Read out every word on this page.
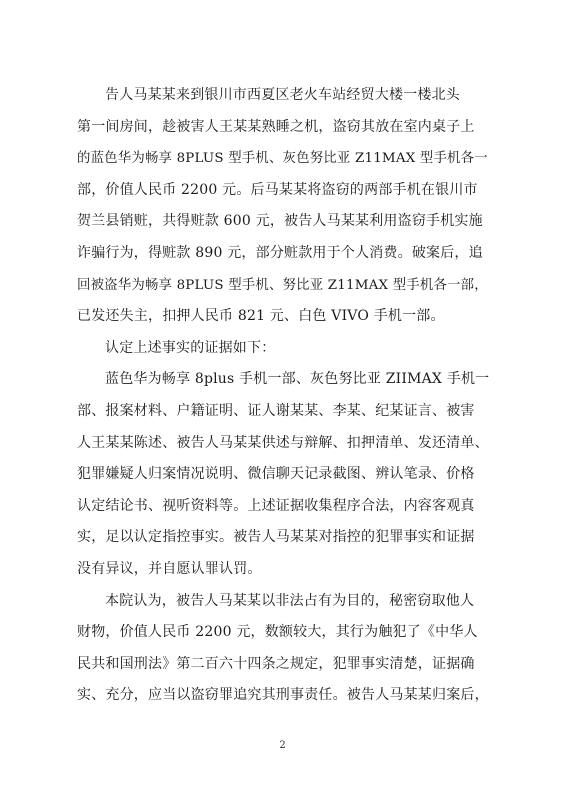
告人马某某来到银川市西夏区老火车站经贸大楼一楼北头
第一间房间，趁被害人王某某熟睡之机，盗窃其放在室内桌子上
的蓝色华为畅享 8PLUS 型手机、灰色努比亚 Z11MAX 型手机各一
部，价值人民币 2200 元。后马某某将盗窃的两部手机在银川市
贺兰县销赃，共得赃款 600 元，被告人马某某利用盗窃手机实施
诈骗行为，得赃款 890 元，部分赃款用于个人消费。破案后，追
回被盗华为畅享 8PLUS 型手机、努比亚 Z11MAX 型手机各一部，
已发还失主，扣押人民币 821 元、白色 VIVO 手机一部。

认定上述事实的证据如下：

蓝色华为畅享 8plus 手机一部、灰色努比亚 ZIIMAX 手机一
部、报案材料、户籍证明、证人谢某某、李某、纪某证言、被害
人王某某陈述、被告人马某某供述与辩解、扣押清单、发还清单、
犯罪嫌疑人归案情况说明、微信聊天记录截图、辨认笔录、价格
认定结论书、视听资料等。上述证据收集程序合法，内容客观真
实，足以认定指控事实。被告人马某某对指控的犯罪事实和证据
没有异议，并自愿认罪认罚。

本院认为，被告人马某某以非法占有为目的，秘密窃取他人
财物，价值人民币 2200 元，数额较大，其行为触犯了《中华人
民共和国刑法》第二百六十四条之规定，犯罪事实清楚，证据确
实、充分，应当以盗窃罪追究其刑事责任。被告人马某某归案后，

2
